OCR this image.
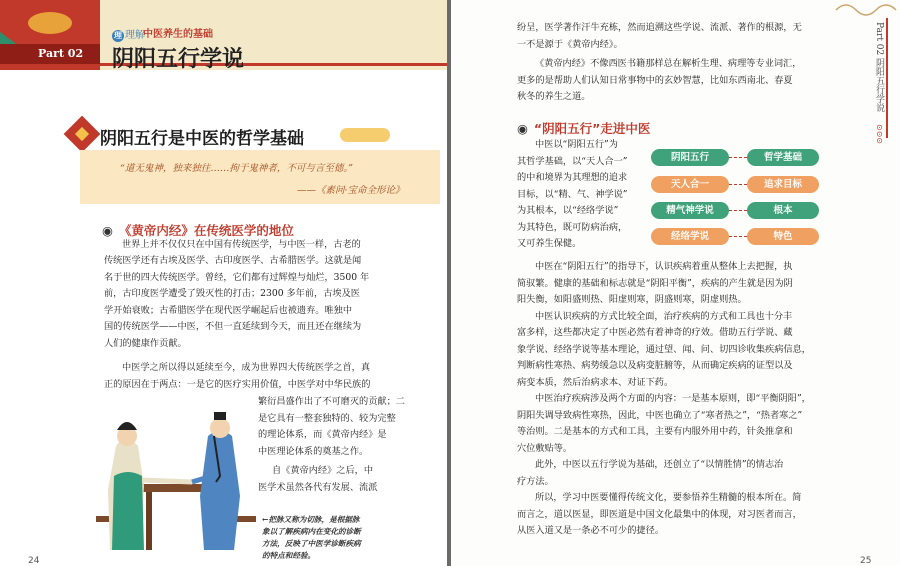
Part 02
理 理解
中医养生的基础
阴阳五行学说
阴阳五行是中医的哲学基础
“道无鬼神，独来独往……拘于鬼神者，不可与言至德。”
——《素问·宝命全形论》
◉ 《黄帝内经》在传统医学的地位
世界上并不仅仅只在中国有传统医学，与中医一样，古老的
传统医学还有古埃及医学、古印度医学、古希腊医学。这就是闻
名于世的四大传统医学。曾经，它们都有过辉煌与灿烂，3500 年
前，古印度医学遭受了毁灭性的打击；2300 多年前，古埃及医
学开始衰败；古希腊医学在现代医学崛起后也被遗弃。唯独中
国的传统医学——中医，不但一直延续到今天，而且还在继续为
人们的健康作贡献。
中医学之所以得以延续至今，成为世界四大传统医学之首，真
正的原因在于两点：一是它的医疗实用价值，中医学对中华民族的
繁衍昌盛作出了不可磨灭的贡献；二
是它具有一整套独特的、较为完整
的理论体系，而《黄帝内经》是
中医理论体系的奠基之作。
自《黄帝内经》之后，中
医学术虽然各代有发展、流派
←把脉又称为切脉，是根据脉
象以了解疾病内在变化的诊断
方法，反映了中医学诊断疾病
的特点和经验。
24
Part 02 阴阳五行学说
⊙⊙⊙
纷呈，医学著作汗牛充栋，然而追溯这些学说、流派、著作的根源，无
一不是源于《黄帝内经》。
《黄帝内经》不像西医书籍那样总在解析生理、病理等专业词汇，
更多的是帮助人们认知日常事物中的玄妙智慧，比如东西南北、春夏
秋冬的养生之道。
◉ “阴阳五行”走进中医
中医以“阴阳五行”为
其哲学基础，以“天人合一”
的中和境界为其理想的追求
目标，以“精、气、神学说”
为其根本，以“经络学说”
为其特色，既可防病治病，
又可养生保健。
阴阳五行	哲学基础
天人合一	追求目标
精气神学说	根本
经络学说	特色
中医在“阴阳五行”的指导下，认识疾病着重从整体上去把握，执
简驭繁。健康的基础和标志就是“阴阳平衡”，疾病的产生就是因为阴
阳失衡，如阳盛则热、阳虚则寒，阴盛则寒，阴虚则热。
中医认识疾病的方式比较全面，治疗疾病的方式和工具也十分丰
富多样，这些都决定了中医必然有着神奇的疗效。借助五行学说、藏
象学说、经络学说等基本理论，通过望、闻、问、切四诊收集疾病信息，
判断病性寒热、病势缓急以及病变脏腑等，从而确定疾病的证型以及
病变本质，然后治病求本、对证下药。
中医治疗疾病涉及两个方面的内容：一是基本原则，即“平衡阴阳”，
阴阳失调导致病性寒热，因此，中医也确立了“寒者热之”，“热者寒之”
等治则。二是基本的方式和工具，主要有内服外用中药，针灸推拿和
穴位敷贴等。
此外，中医以五行学说为基础，还创立了“以情胜情”的情志治
疗方法。
所以，学习中医要懂得传统文化，要参悟养生精髓的根本所在。简
而言之，道以医显，即医道是中国文化最集中的体现，对习医者而言，
从医入道又是一条必不可少的捷径。
25
